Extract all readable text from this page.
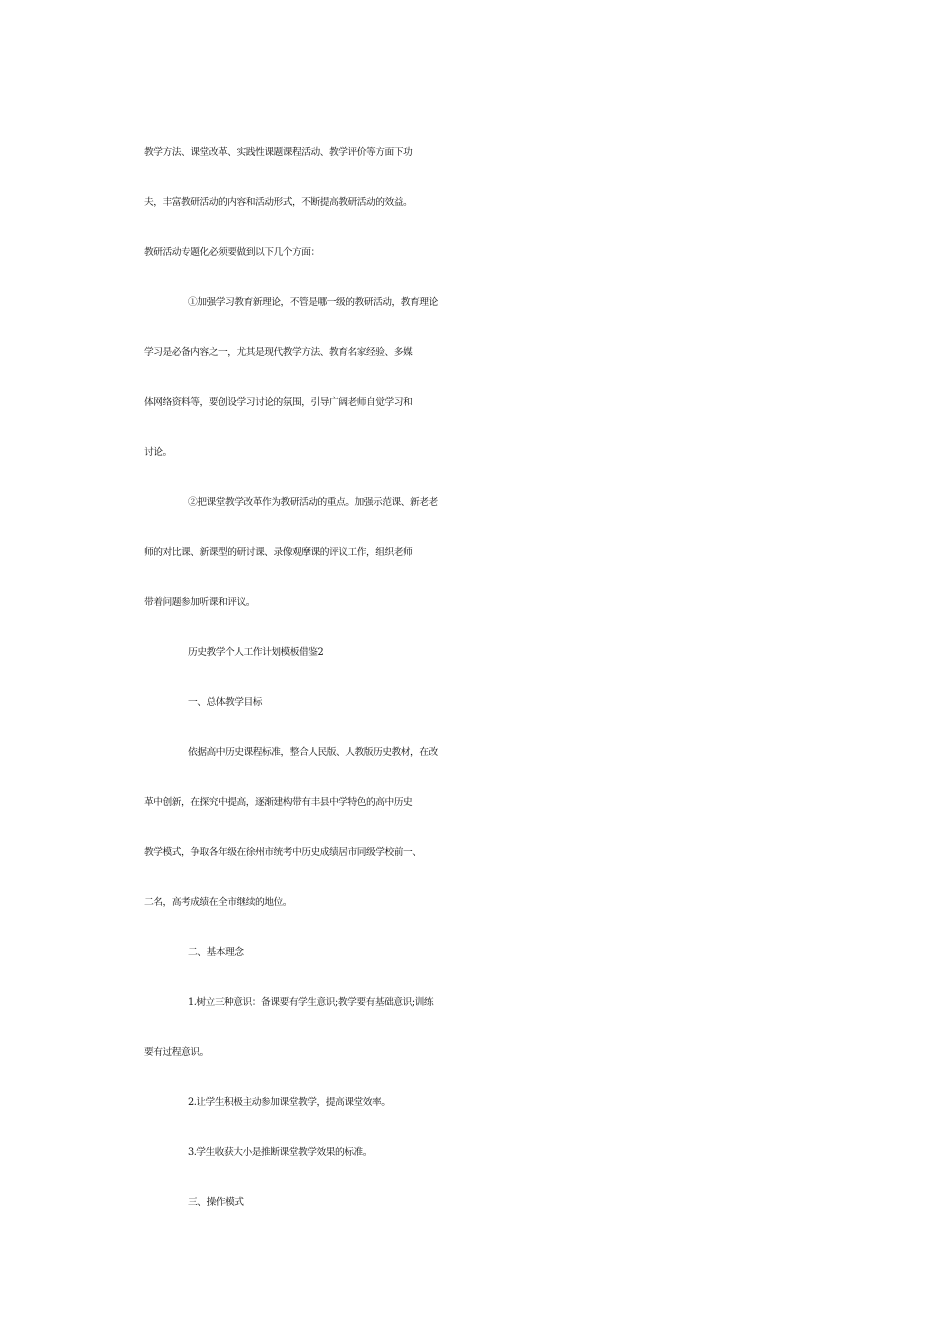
教学方法、课堂改革、实践性课题课程活动、教学评价等方面下功
夫，丰富教研活动的内容和活动形式，不断提高教研活动的效益。
教研活动专题化必须要做到以下几个方面：
①加强学习教育新理论，不管是哪一级的教研活动，教育理论
学习是必备内容之一，尤其是现代教学方法、教育名家经验、多媒
体网络资料等，要创设学习讨论的氛围，引导广阔老师自觉学习和
讨论。
②把课堂教学改革作为教研活动的重点。加强示范课、新老老
师的对比课、新课型的研讨课、录像观摩课的评议工作，组织老师
带着问题参加听课和评议。
历史教学个人工作计划模板借鉴2
一、总体教学目标
依据高中历史课程标准，整合人民版、人教版历史教材，在改
革中创新，在探究中提高，逐渐建构带有丰县中学特色的高中历史
教学模式，争取各年级在徐州市统考中历史成绩居市同级学校前一、
二名，高考成绩在全市继续的地位。
二、基本理念
1.树立三种意识：备课要有学生意识;教学要有基础意识;训练
要有过程意识。
2.让学生积极主动参加课堂教学，提高课堂效率。
3.学生收获大小是推断课堂教学效果的标准。
三、操作模式
